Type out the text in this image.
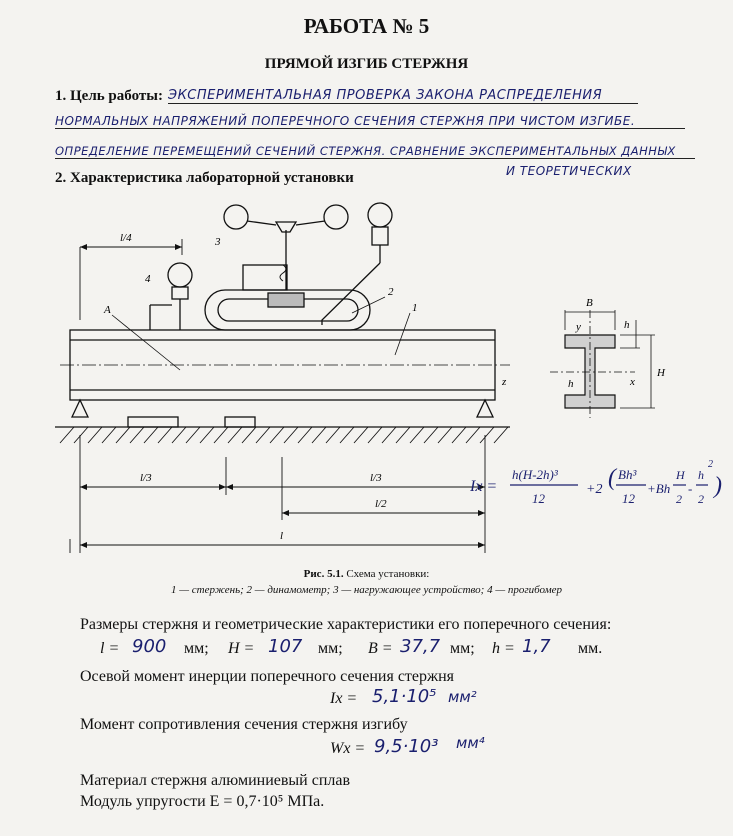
РАБОТА № 5
ПРЯМОЙ ИЗГИБ СТЕРЖНЯ
1. Цель работы: ЭКСПЕРИМЕНТАЛЬНАЯ ПРОВЕРКА ЗАКОНА РАСПРЕДЕЛЕНИЯ
НОРМАЛЬНЫХ НАПРЯЖЕНИЙ ПОПЕРЕЧНОГО СЕЧЕНИЯ СТЕРЖНЯ ПРИ ЧИСТОМ ИЗГИБЕ.
ОПРЕДЕЛЕНИЕ ПЕРЕМЕЩЕНИЙ СЕЧЕНИЙ СТЕРЖНЯ. СРАВНЕНИЕ ЭКСПЕРИМЕНТАЛЬНЫХ ДАННЫХ
И ТЕОРЕТИЧЕСКИХ
2. Характеристика лабораторной установки
l/4
4
3
2
1
A
z
l/3	l/3
l/2
l
B
y	h
h	x
H
Ix =
h(H-2h)³
12
+2 ( Bh³
12
+Bh
H
2
-
h
2
2
)
Рис. 5.1. Схема установки:
1 — стержень; 2 — динамометр; 3 — нагружающее устройство; 4 — прогибомер
Размеры стержня и геометрические характеристики его поперечного сечения:
l = 900 мм; H = 107 мм; B = 37,7 мм; h = 1,7 мм.
Осевой момент инерции поперечного сечения стержня
Ix = 5,1·10⁵ мм²
Момент сопротивления сечения стержня изгибу
Wx = 9,5·10³ мм⁴
Материал стержня алюминиевый сплав
Модуль упругости E = 0,7·10⁵ МПа.
